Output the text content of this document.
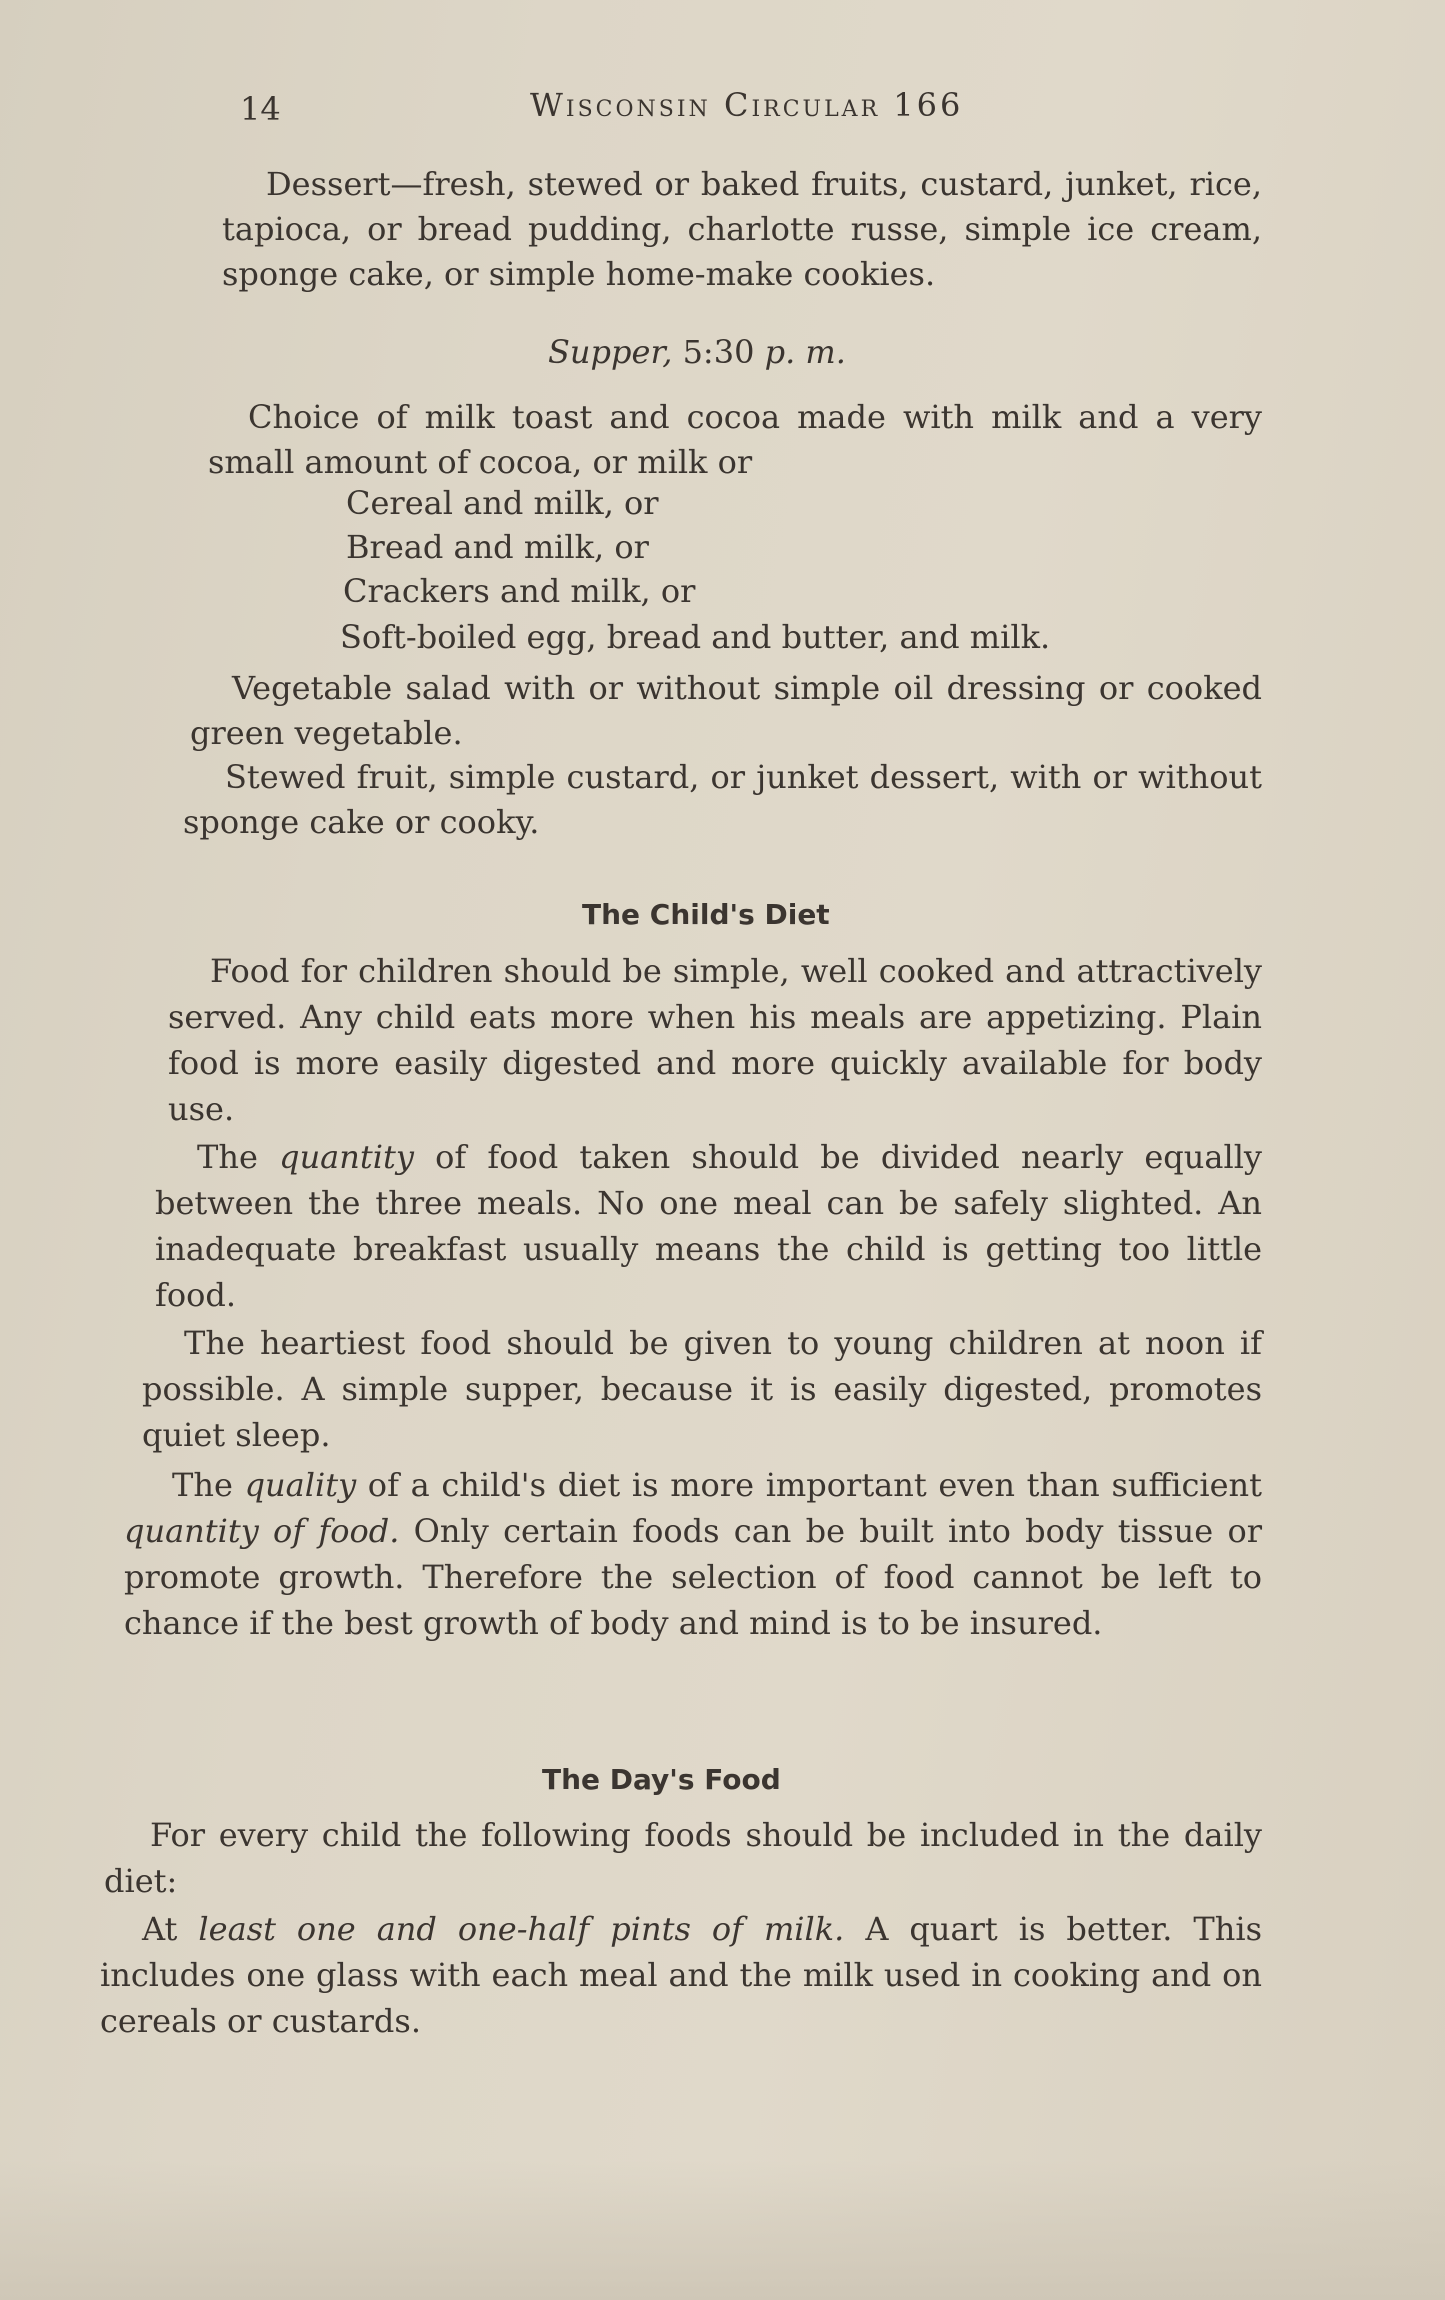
14	Wisconsin Circular 166
Dessert—fresh, stewed or baked fruits, custard, junket, rice, tapioca, or bread pudding, charlotte russe, simple ice cream, sponge cake, or simple home-make cookies.
Supper, 5:30 p. m.
Choice of milk toast and cocoa made with milk and a very small amount of cocoa, or milk or
Cereal and milk, or
Bread and milk, or
Crackers and milk, or
Soft-boiled egg, bread and butter, and milk.
Vegetable salad with or without simple oil dressing or cooked green vegetable.
Stewed fruit, simple custard, or junket dessert, with or without sponge cake or cooky.
The Child's Diet
Food for children should be simple, well cooked and attractively served. Any child eats more when his meals are appetizing. Plain food is more easily digested and more quickly available for body use.
The quantity of food taken should be divided nearly equally between the three meals. No one meal can be safely slighted. An inadequate breakfast usually means the child is getting too little food.
The heartiest food should be given to young children at noon if possible. A simple supper, because it is easily digested, promotes quiet sleep.
The quality of a child's diet is more important even than sufficient quantity of food. Only certain foods can be built into body tissue or promote growth. Therefore the selection of food cannot be left to chance if the best growth of body and mind is to be insured.
The Day's Food
For every child the following foods should be included in the daily diet:
At least one and one-half pints of milk. A quart is better. This includes one glass with each meal and the milk used in cooking and on cereals or custards.
